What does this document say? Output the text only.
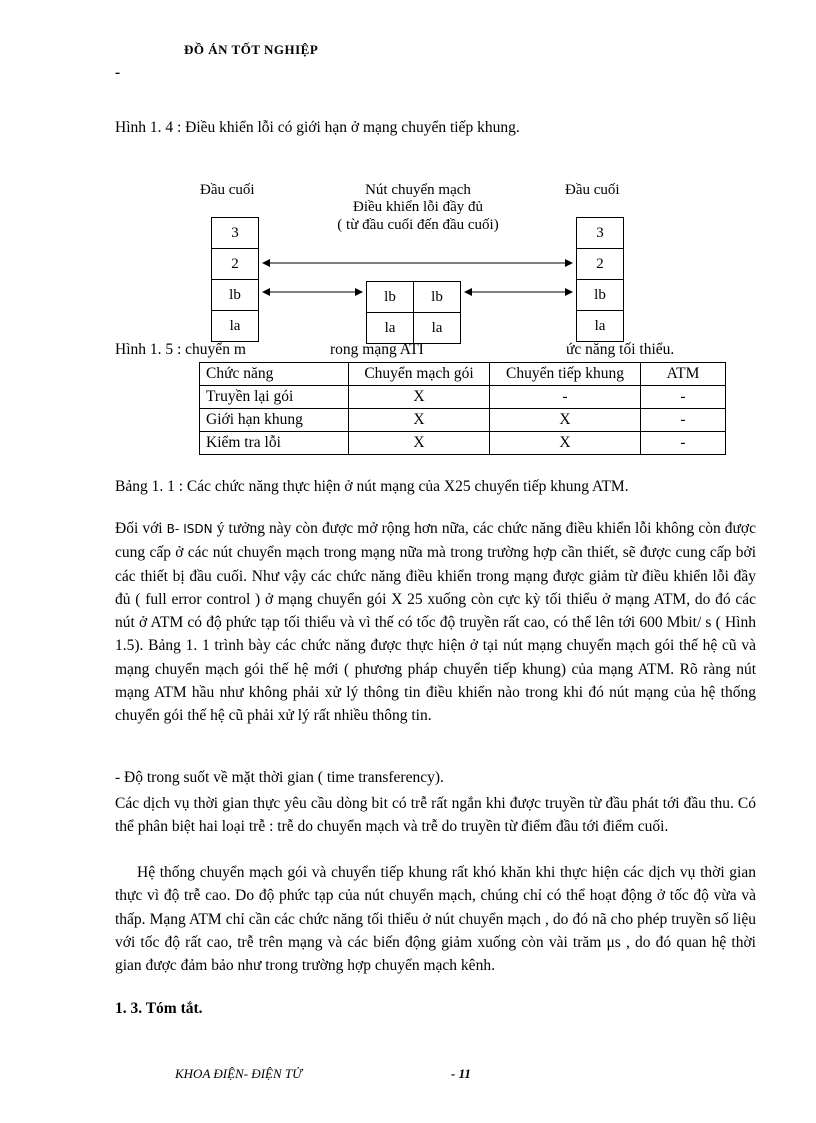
ĐỒ ÁN TỐT NGHIỆP
-
Hình 1. 4 : Điều khiển lỗi có giới hạn ở mạng chuyển tiếp khung.
Đầu cuối	Đầu cuối
Nút chuyển mạch
Điều khiển lỗi đầy đủ
( từ đầu cuối đến đầu cuối)
3
2
lb
la
3
2
lb
la
lb	lb
la	la
Hình 1. 5 : chuyển m	rong mạng ATI	ức năng tối thiểu.
Chức năng	Chuyển mạch gói	Chuyển tiếp khung	ATM
Truyền lại gói	X	-	-
Giới hạn khung	X	X	-
Kiểm tra lỗi	X	X	-
Bảng 1. 1 : Các chức năng thực hiện ở nút mạng của X25 chuyển tiếp khung ATM.

Đối với B- ISDN ý tưởng này còn được mở rộng hơn nữa, các chức năng điều khiển lỗi không còn được cung cấp ở các nút chuyển mạch trong mạng nữa mà trong trường hợp cần thiết, sẽ được cung cấp bởi các thiết bị đầu cuối. Như vậy các chức năng điều khiển trong mạng được giảm từ điều khiển lỗi đầy đủ ( full error control ) ở mạng chuyển gói X 25 xuống còn cực kỳ tối thiểu ở mạng ATM, do đó các nút ở ATM có độ phức tạp tối thiểu và vì thế có tốc độ truyền rất cao, có thể lên tới 600 Mbit/ s ( Hình 1.5). Bảng 1. 1 trình bày các chức năng được thực hiện ở tại nút mạng chuyển mạch gói thế hệ cũ và mạng chuyển mạch gói thế hệ mới ( phương pháp chuyển tiếp khung) của mạng ATM. Rõ ràng nút mạng ATM hầu như không phải xử lý thông tin điều khiển nào trong khi đó nút mạng của hệ thống chuyển gói thế hệ cũ phải xử lý rất nhiều thông tin.

- Độ trong suốt về mặt thời gian ( time transferency).

Các dịch vụ thời gian thực yêu cầu dòng bit có trễ rất ngắn khi được truyền từ đầu phát tới đầu thu. Có thể phân biệt hai loại trễ : trễ do chuyển mạch và trễ do truyền từ điểm đầu tới điểm cuối.

Hệ thống chuyển mạch gói và chuyển tiếp khung rất khó khăn khi thực hiện các dịch vụ thời gian thực vì độ trễ cao. Do độ phức tạp của nút chuyển mạch, chúng chỉ có thể hoạt động ở tốc độ vừa và thấp. Mạng ATM chỉ cần các chức năng tối thiểu ở nút chuyển mạch , do đó nã cho phép truyền số liệu với tốc độ rất cao, trễ trên mạng và các biến động giảm xuống còn vài trăm μs , do đó quan hệ thời gian được đảm bảo như trong trường hợp chuyển mạch kênh.

1. 3. Tóm tắt.
KHOA ĐIỆN- ĐIỆN TỬ	- 11
